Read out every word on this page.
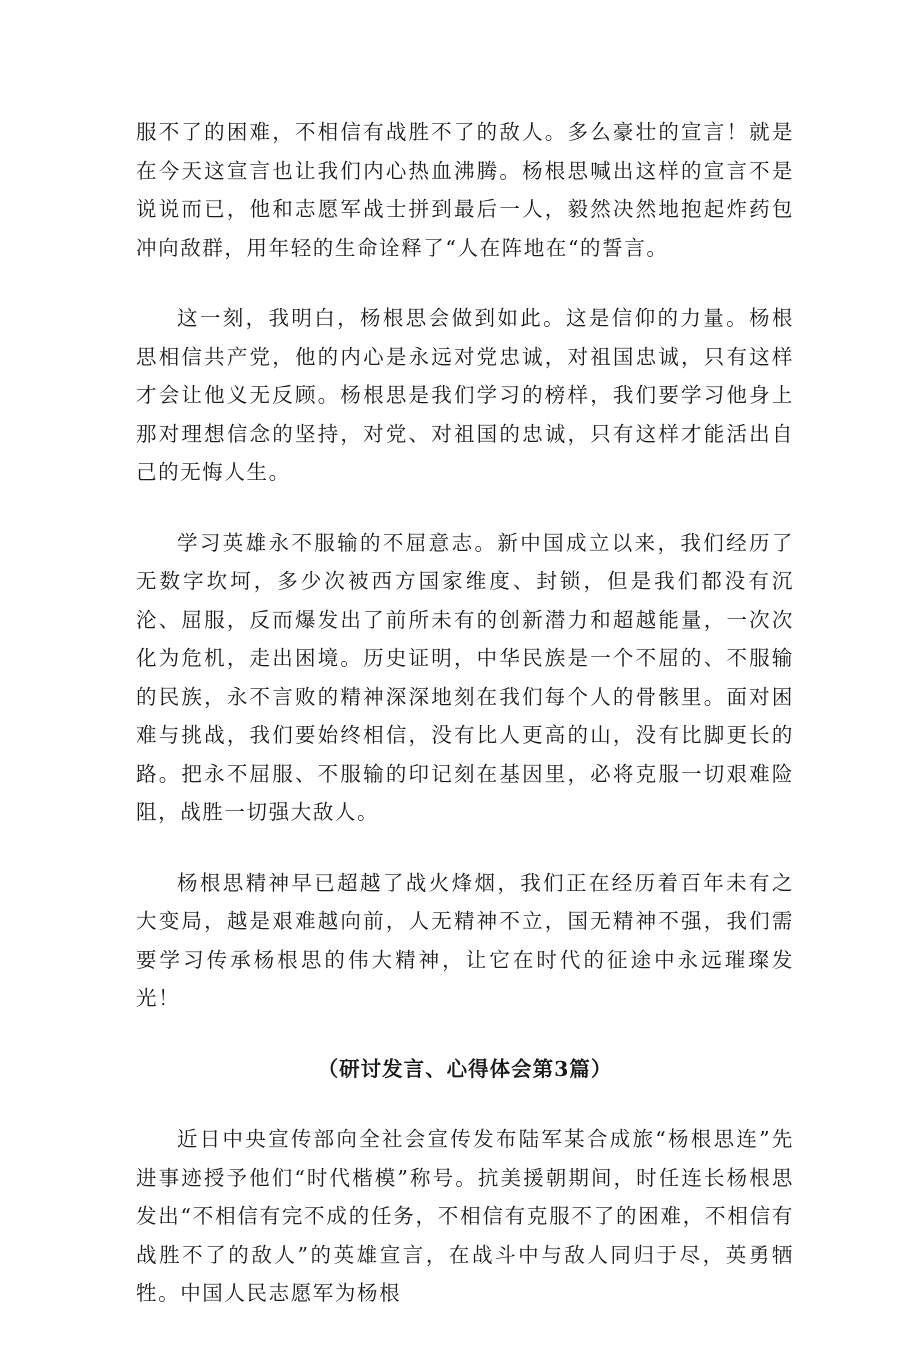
服不了的困难，不相信有战胜不了的敌人。多么豪壮的宣言！就是在今天这宣言也让我们内心热血沸腾。杨根思喊出这样的宣言不是说说而已，他和志愿军战士拼到最后一人，毅然决然地抱起炸药包冲向敌群，用年轻的生命诠释了“人在阵地在“的誓言。

这一刻，我明白，杨根思会做到如此。这是信仰的力量。杨根思相信共产党，他的内心是永远对党忠诚，对祖国忠诚，只有这样才会让他义无反顾。杨根思是我们学习的榜样，我们要学习他身上那对理想信念的坚持，对党、对祖国的忠诚，只有这样才能活出自己的无悔人生。

学习英雄永不服输的不屈意志。新中国成立以来，我们经历了无数字坎坷，多少次被西方国家维度、封锁，但是我们都没有沉沦、屈服，反而爆发出了前所未有的创新潜力和超越能量，一次次化为危机，走出困境。历史证明，中华民族是一个不屈的、不服输的民族，永不言败的精神深深地刻在我们每个人的骨骸里。面对困难与挑战，我们要始终相信，没有比人更高的山，没有比脚更长的路。把永不屈服、不服输的印记刻在基因里，必将克服一切艰难险阻，战胜一切强大敌人。

杨根思精神早已超越了战火烽烟，我们正在经历着百年未有之大变局，越是艰难越向前，人无精神不立，国无精神不强，我们需要学习传承杨根思的伟大精神，让它在时代的征途中永远璀璨发光！

（研讨发言、心得体会第3篇）

近日中央宣传部向全社会宣传发布陆军某合成旅“杨根思连”先进事迹授予他们“时代楷模”称号。抗美援朝期间，时任连长杨根思发出“不相信有完不成的任务，不相信有克服不了的困难，不相信有战胜不了的敌人”的英雄宣言，在战斗中与敌人同归于尽，英勇牺牲。中国人民志愿军为杨根
